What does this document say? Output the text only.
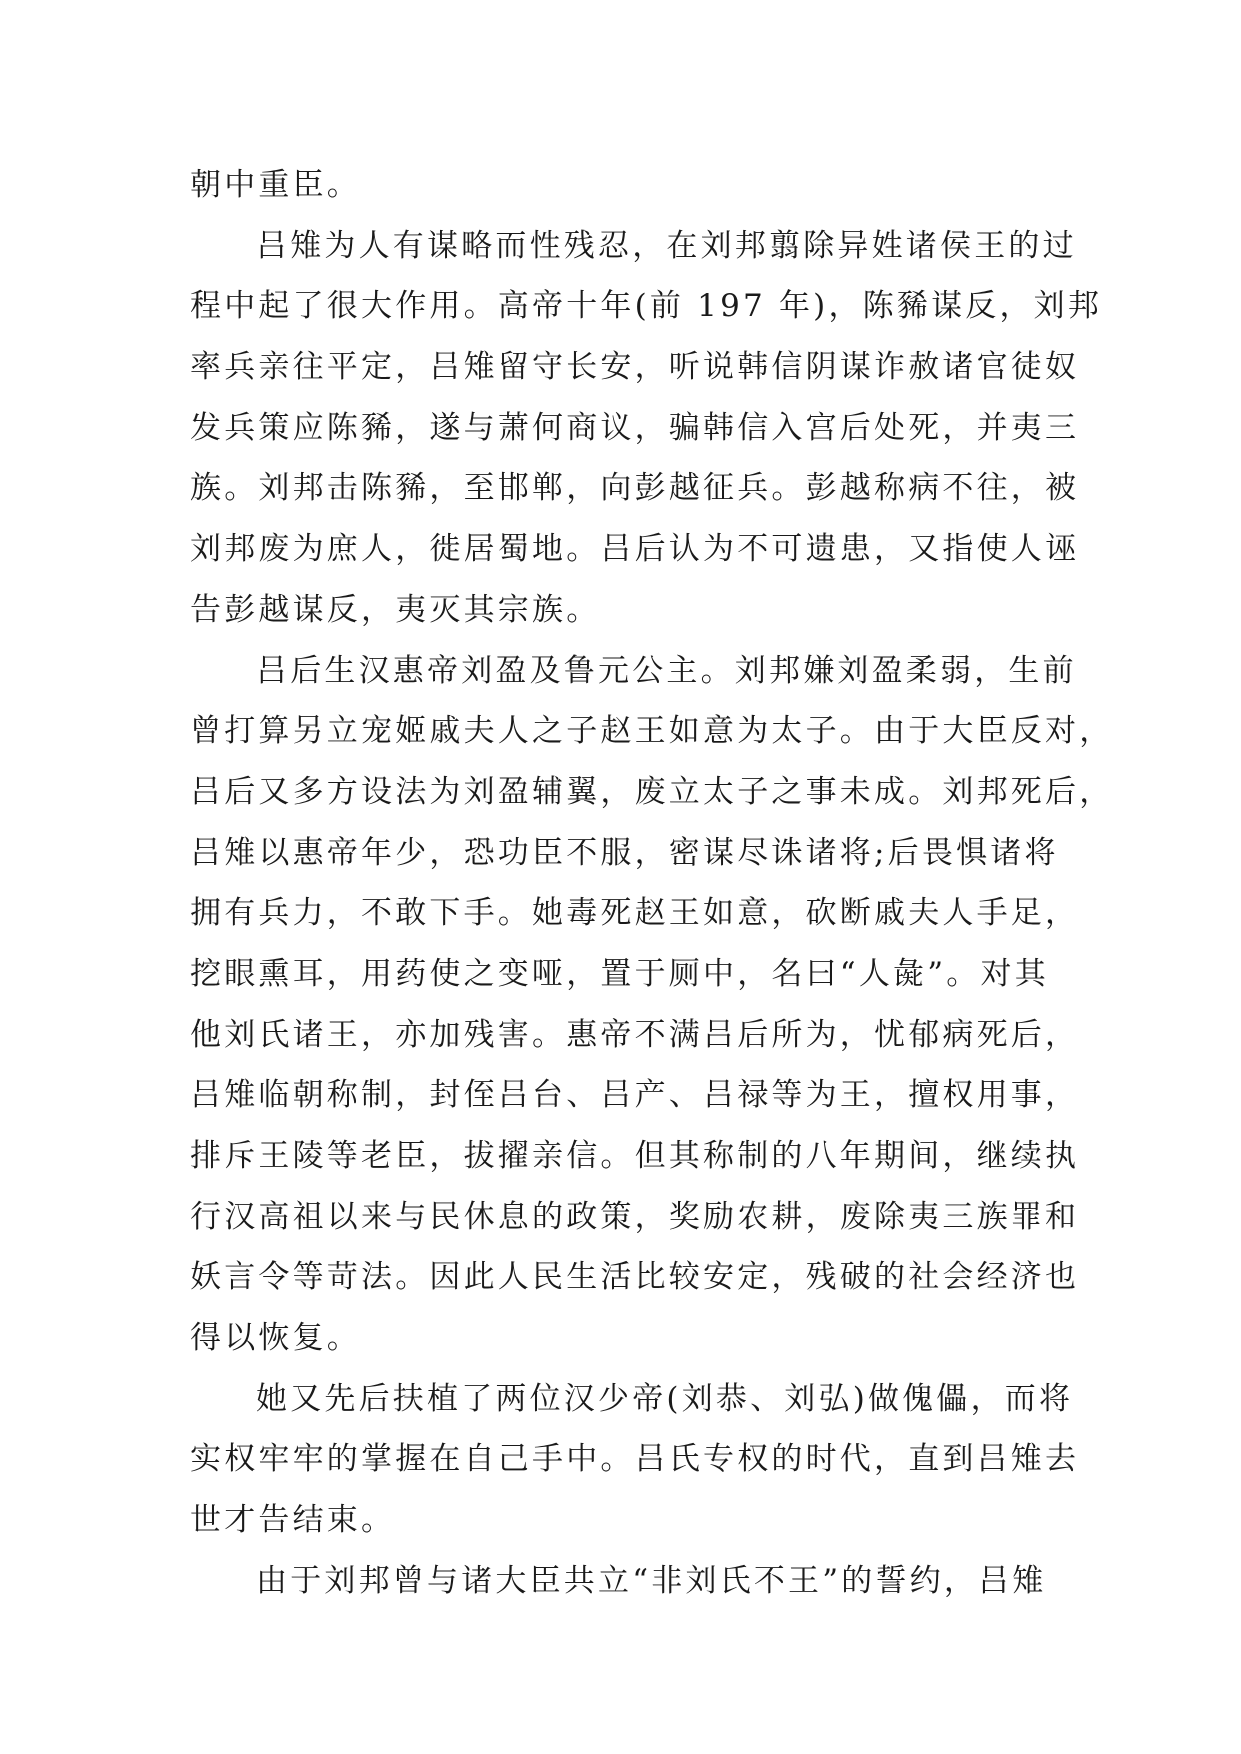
朝中重臣。
吕雉为人有谋略而性残忍，在刘邦翦除异姓诸侯王的过
程中起了很大作用。高帝十年(前 197 年)，陈豨谋反，刘邦
率兵亲往平定，吕雉留守长安，听说韩信阴谋诈赦诸官徒奴
发兵策应陈豨，遂与萧何商议，骗韩信入宫后处死，并夷三
族。刘邦击陈豨，至邯郸，向彭越征兵。彭越称病不往，被
刘邦废为庶人，徙居蜀地。吕后认为不可遗患，又指使人诬
告彭越谋反，夷灭其宗族。
吕后生汉惠帝刘盈及鲁元公主。刘邦嫌刘盈柔弱，生前
曾打算另立宠姬戚夫人之子赵王如意为太子。由于大臣反对，
吕后又多方设法为刘盈辅翼，废立太子之事未成。刘邦死后，
吕雉以惠帝年少，恐功臣不服，密谋尽诛诸将;后畏惧诸将
拥有兵力，不敢下手。她毒死赵王如意，砍断戚夫人手足，
挖眼熏耳，用药使之变哑，置于厕中，名曰“人彘”。对其
他刘氏诸王，亦加残害。惠帝不满吕后所为，忧郁病死后，
吕雉临朝称制，封侄吕台、吕产、吕禄等为王，擅权用事，
排斥王陵等老臣，拔擢亲信。但其称制的八年期间，继续执
行汉高祖以来与民休息的政策，奖励农耕，废除夷三族罪和
妖言令等苛法。因此人民生活比较安定，残破的社会经济也
得以恢复。
她又先后扶植了两位汉少帝(刘恭、刘弘)做傀儡，而将
实权牢牢的掌握在自己手中。吕氏专权的时代，直到吕雉去
世才告结束。
由于刘邦曾与诸大臣共立“非刘氏不王”的誓约，吕雉
